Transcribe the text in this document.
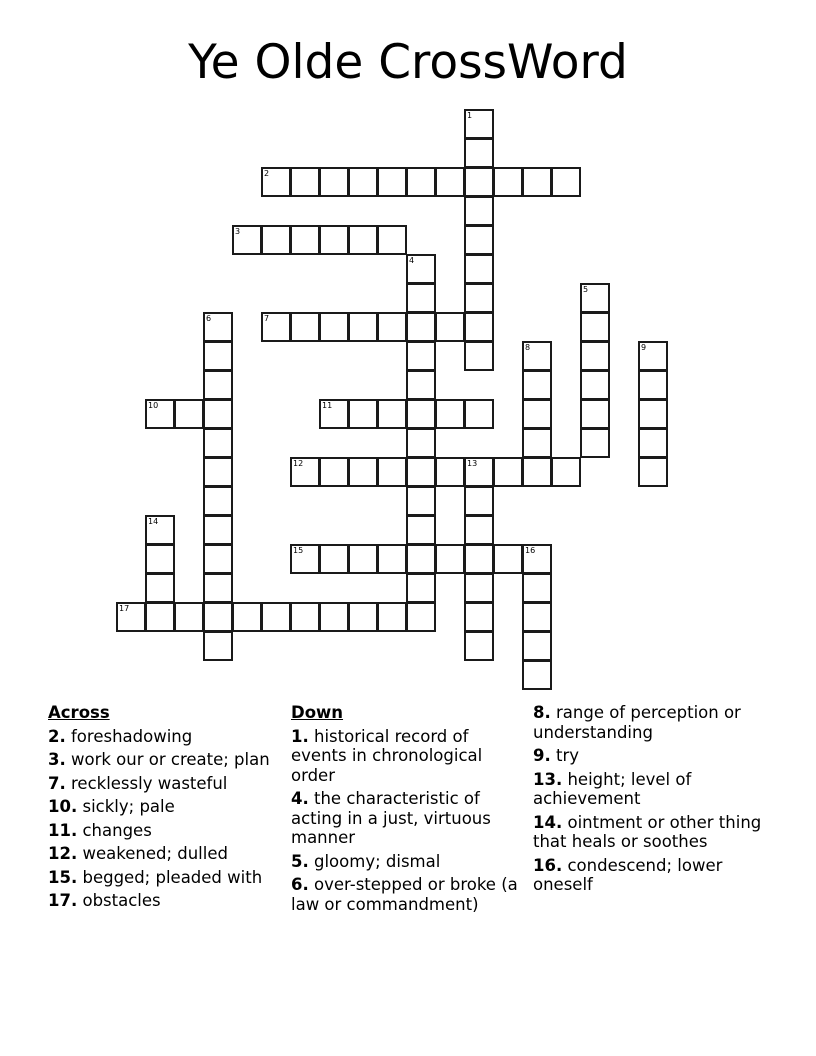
Ye Olde CrossWord
1
2
3
4
5
6	7
8	9
10	11
12	13
14
15	16
17
Across
2. foreshadowing
3. work our or create; plan
7. recklessly wasteful
10. sickly; pale
11. changes
12. weakened; dulled
15. begged; pleaded with
17. obstacles
Down
1. historical record of events in chronological order
4. the characteristic of acting in a just, virtuous manner
5. gloomy; dismal
6. over-stepped or broke (a law or commandment)
8. range of perception or understanding
9. try
13. height; level of achievement
14. ointment or other thing that heals or soothes
16. condescend; lower oneself
